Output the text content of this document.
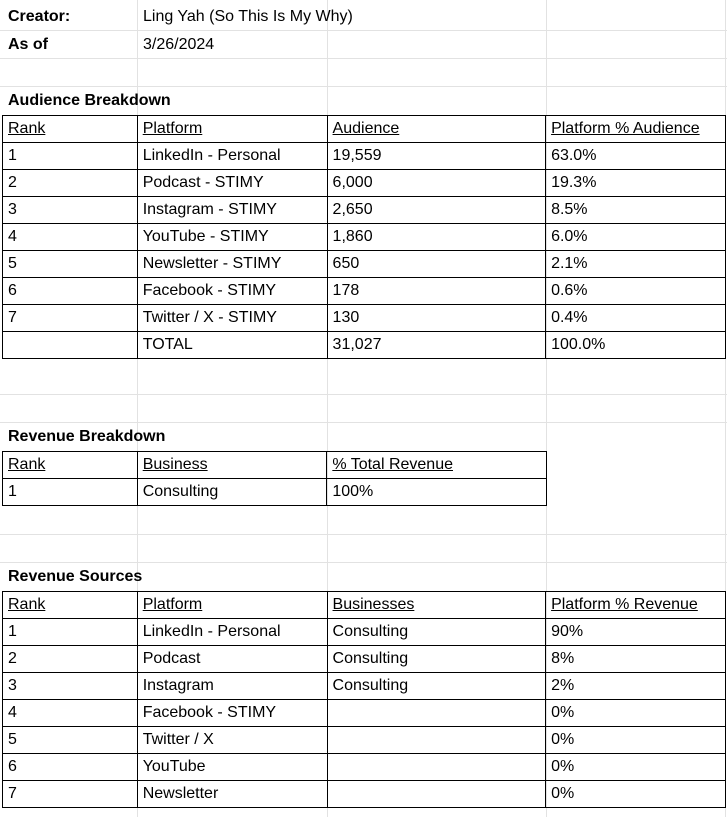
Creator:	Ling Yah (So This Is My Why)
As of	3/26/2024
Audience Breakdown
Rank	Platform	Audience	Platform % Audience
1	LinkedIn - Personal	19,559	63.0%
2	Podcast - STIMY	6,000	19.3%
3	Instagram - STIMY	2,650	8.5%
4	YouTube - STIMY	1,860	6.0%
5	Newsletter - STIMY	650	2.1%
6	Facebook - STIMY	178	0.6%
7	Twitter / X - STIMY	130	0.4%
	TOTAL	31,027	100.0%
Revenue Breakdown
Rank	Business	% Total Revenue
1	Consulting	100%
Revenue Sources
Rank	Platform	Businesses	Platform % Revenue
1	LinkedIn - Personal	Consulting	90%
2	Podcast	Consulting	8%
3	Instagram	Consulting	2%
4	Facebook - STIMY		0%
5	Twitter / X		0%
6	YouTube		0%
7	Newsletter		0%
